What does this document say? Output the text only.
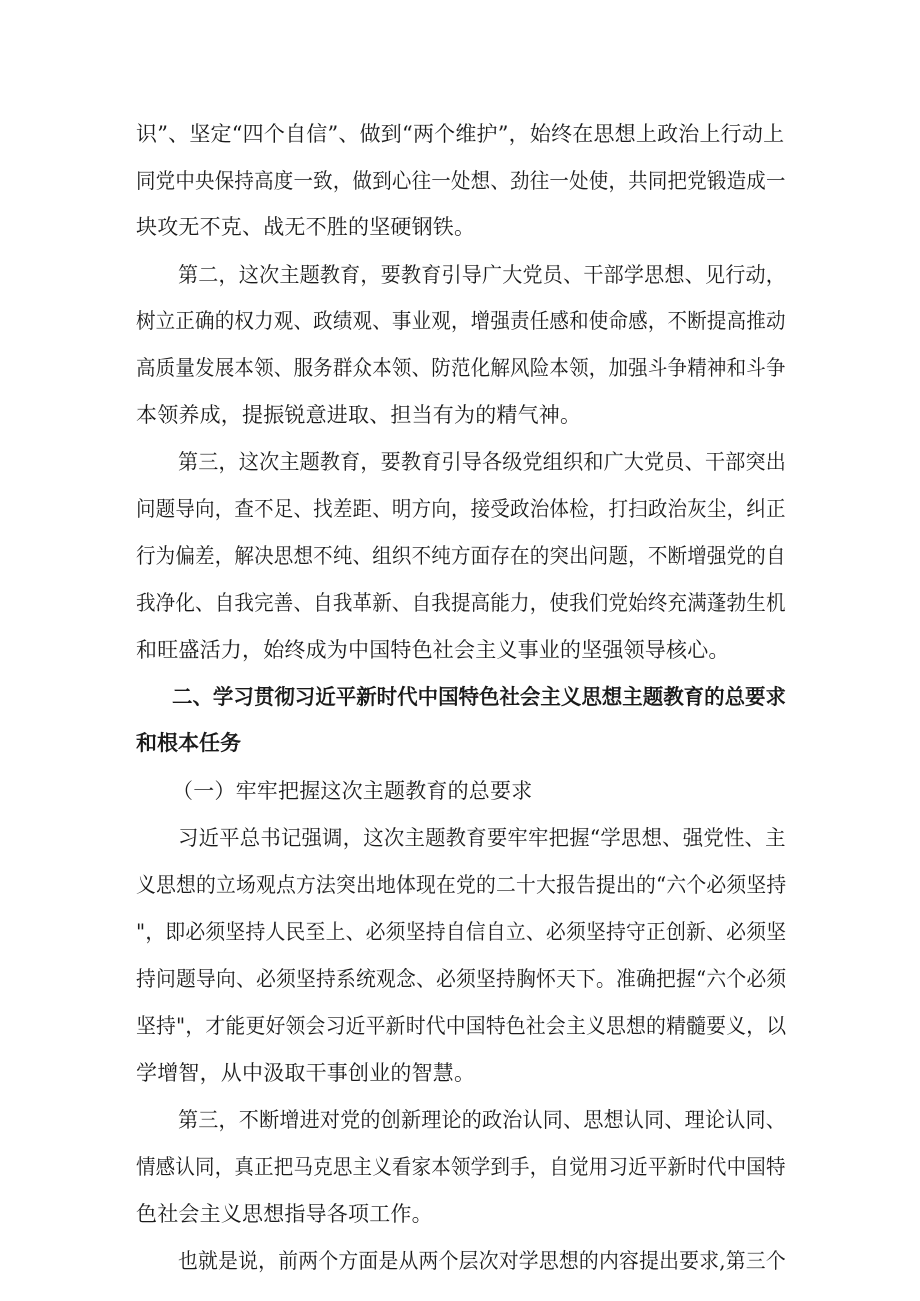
识”、坚定“四个自信”、做到“两个维护”，始终在思想上政治上行动上
同党中央保持高度一致，做到心往一处想、劲往一处使，共同把党锻造成一
块攻无不克、战无不胜的坚硬钢铁。
第二，这次主题教育，要教育引导广大党员、干部学思想、见行动，
树立正确的权力观、政绩观、事业观，增强责任感和使命感，不断提高推动
高质量发展本领、服务群众本领、防范化解风险本领，加强斗争精神和斗争
本领养成，提振锐意进取、担当有为的精气神。
第三，这次主题教育，要教育引导各级党组织和广大党员、干部突出
问题导向，查不足、找差距、明方向，接受政治体检，打扫政治灰尘，纠正
行为偏差，解决思想不纯、组织不纯方面存在的突出问题，不断增强党的自
我净化、自我完善、自我革新、自我提高能力，使我们党始终充满蓬勃生机
和旺盛活力，始终成为中国特色社会主义事业的坚强领导核心。
二、学习贯彻习近平新时代中国特色社会主义思想主题教育的总要求
和根本任务
（一）牢牢把握这次主题教育的总要求
习近平总书记强调，这次主题教育要牢牢把握“学思想、强党性、主
义思想的立场观点方法突出地体现在党的二十大报告提出的“六个必须坚持
"，即必须坚持人民至上、必须坚持自信自立、必须坚持守正创新、必须坚
持问题导向、必须坚持系统观念、必须坚持胸怀天下。准确把握“六个必须
坚持"，才能更好领会习近平新时代中国特色社会主义思想的精髓要义，以
学增智，从中汲取干事创业的智慧。
第三，不断增进对党的创新理论的政治认同、思想认同、理论认同、
情感认同，真正把马克思主义看家本领学到手，自觉用习近平新时代中国特
色社会主义思想指导各项工作。
也就是说，前两个方面是从两个层次对学思想的内容提出要求,第三个
